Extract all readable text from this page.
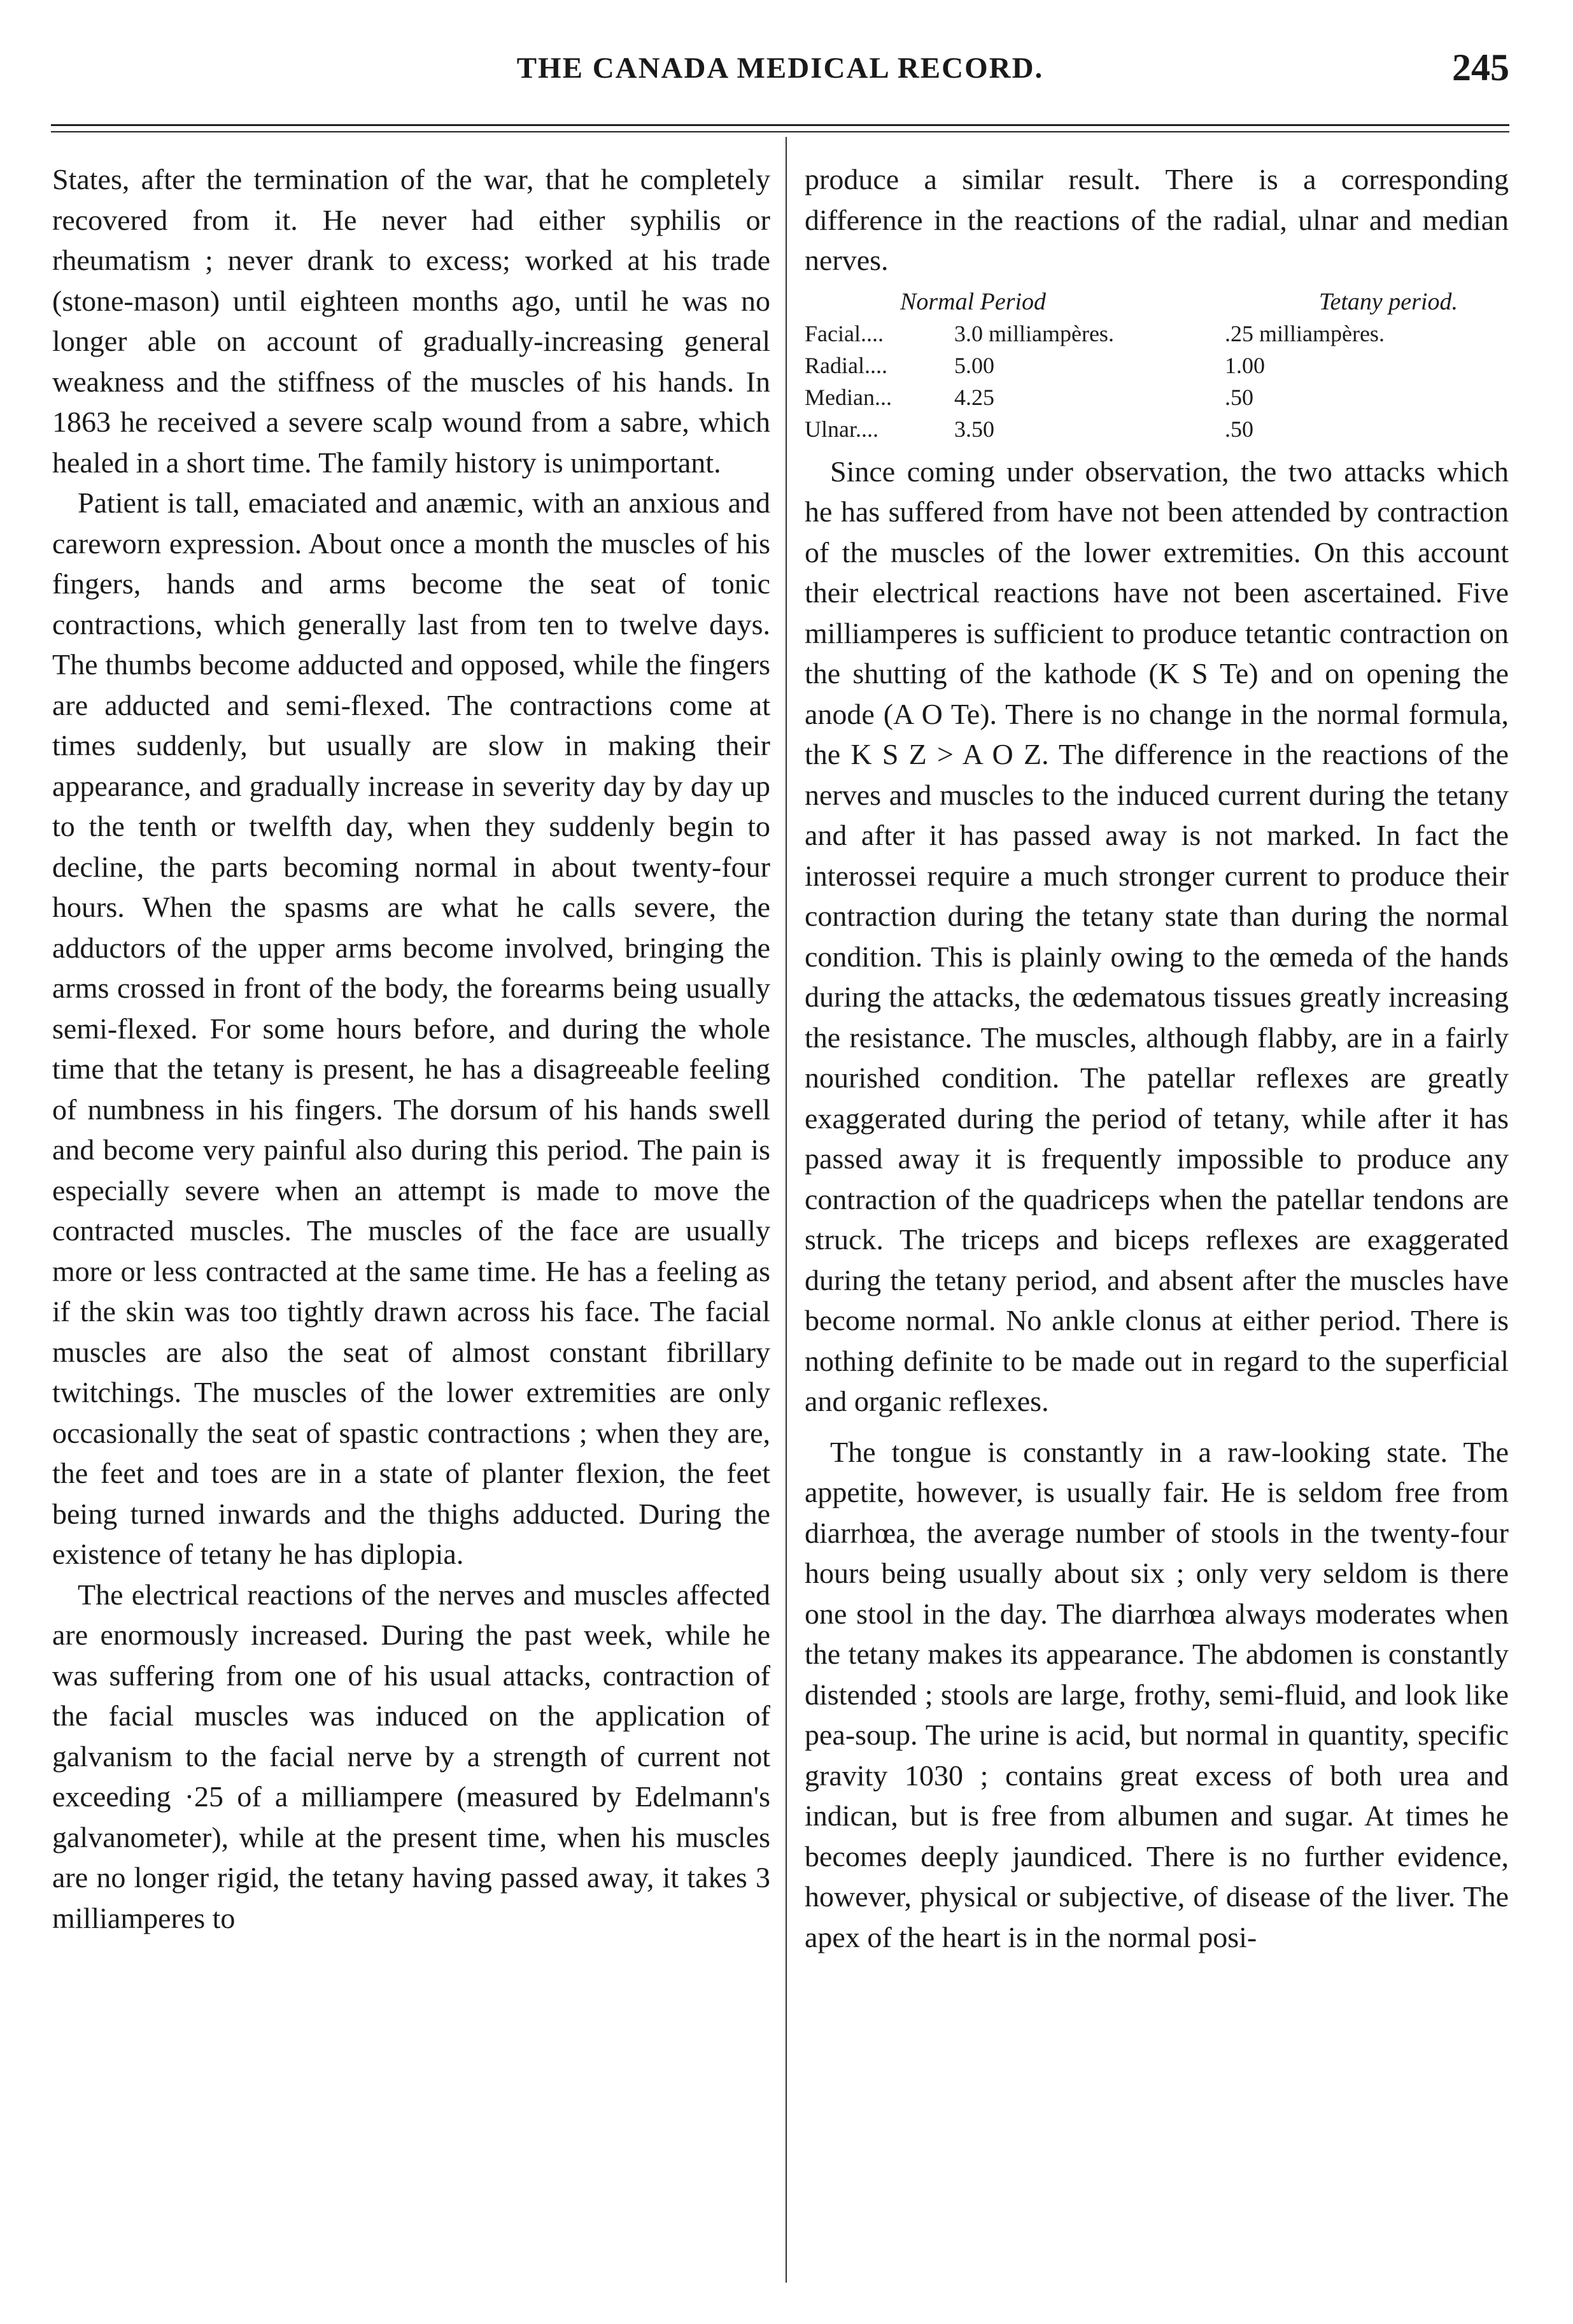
THE CANADA MEDICAL RECORD.	245

States, after the termination of the war, that he completely recovered from it. He never had either syphilis or rheumatism ; never drank to excess; worked at his trade (stone-mason) until eighteen months ago, until he was no longer able on account of gradually-increasing general weakness and the stiffness of the muscles of his hands. In 1863 he received a severe scalp wound from a sabre, which healed in a short time. The family history is unimportant.

Patient is tall, emaciated and anæmic, with an anxious and careworn expression. About once a month the muscles of his fingers, hands and arms become the seat of tonic contractions, which generally last from ten to twelve days. The thumbs become adducted and opposed, while the fingers are adducted and semi-flexed. The contractions come at times suddenly, but usually are slow in making their appearance, and gradually increase in severity day by day up to the tenth or twelfth day, when they suddenly begin to decline, the parts becoming normal in about twenty-four hours. When the spasms are what he calls severe, the adductors of the upper arms become involved, bringing the arms crossed in front of the body, the forearms being usually semi-flexed. For some hours before, and during the whole time that the tetany is present, he has a disagreeable feeling of numbness in his fingers. The dorsum of his hands swell and become very painful also during this period. The pain is especially severe when an attempt is made to move the contracted muscles. The muscles of the face are usually more or less contracted at the same time. He has a feeling as if the skin was too tightly drawn across his face. The facial muscles are also the seat of almost constant fibrillary twitchings. The muscles of the lower extremities are only occasionally the seat of spastic contractions ; when they are, the feet and toes are in a state of planter flexion, the feet being turned inwards and the thighs adducted. During the existence of tetany he has diplopia.

The electrical reactions of the nerves and muscles affected are enormously increased. During the past week, while he was suffering from one of his usual attacks, contraction of the facial muscles was induced on the application of galvanism to the facial nerve by a strength of current not exceeding ·25 of a milliampere (measured by Edelmann's galvanometer), while at the present time, when his muscles are no longer rigid, the tetany having passed away, it takes 3 milliamperes to

produce a similar result. There is a corresponding difference in the reactions of the radial, ulnar and median nerves.

Normal Period		Tetany period.
Facial....	3.0 milliampères.	.25 milliampères.
Radial....	5.00	1.00
Median...	4.25	.50
Ulnar....	3.50	.50

Since coming under observation, the two attacks which he has suffered from have not been attended by contraction of the muscles of the lower extremities. On this account their electrical reactions have not been ascertained. Five milliamperes is sufficient to produce tetantic contraction on the shutting of the kathode (K S Te) and on opening the anode (A O Te). There is no change in the normal formula, the K S Z > A O Z. The difference in the reactions of the nerves and muscles to the induced current during the tetany and after it has passed away is not marked. In fact the interossei require a much stronger current to produce their contraction during the tetany state than during the normal condition. This is plainly owing to the œmeda of the hands during the attacks, the œdematous tissues greatly increasing the resistance. The muscles, although flabby, are in a fairly nourished condition. The patellar reflexes are greatly exaggerated during the period of tetany, while after it has passed away it is frequently impossible to produce any contraction of the quadriceps when the patellar tendons are struck. The triceps and biceps reflexes are exaggerated during the tetany period, and absent after the muscles have become normal. No ankle clonus at either period. There is nothing definite to be made out in regard to the superficial and organic reflexes.

The tongue is constantly in a raw-looking state. The appetite, however, is usually fair. He is seldom free from diarrhœa, the average number of stools in the twenty-four hours being usually about six ; only very seldom is there one stool in the day. The diarrhœa always moderates when the tetany makes its appearance. The abdomen is constantly distended ; stools are large, frothy, semi-fluid, and look like pea-soup. The urine is acid, but normal in quantity, specific gravity 1030 ; contains great excess of both urea and indican, but is free from albumen and sugar. At times he becomes deeply jaundiced. There is no further evidence, however, physical or subjective, of disease of the liver. The apex of the heart is in the normal posi-
